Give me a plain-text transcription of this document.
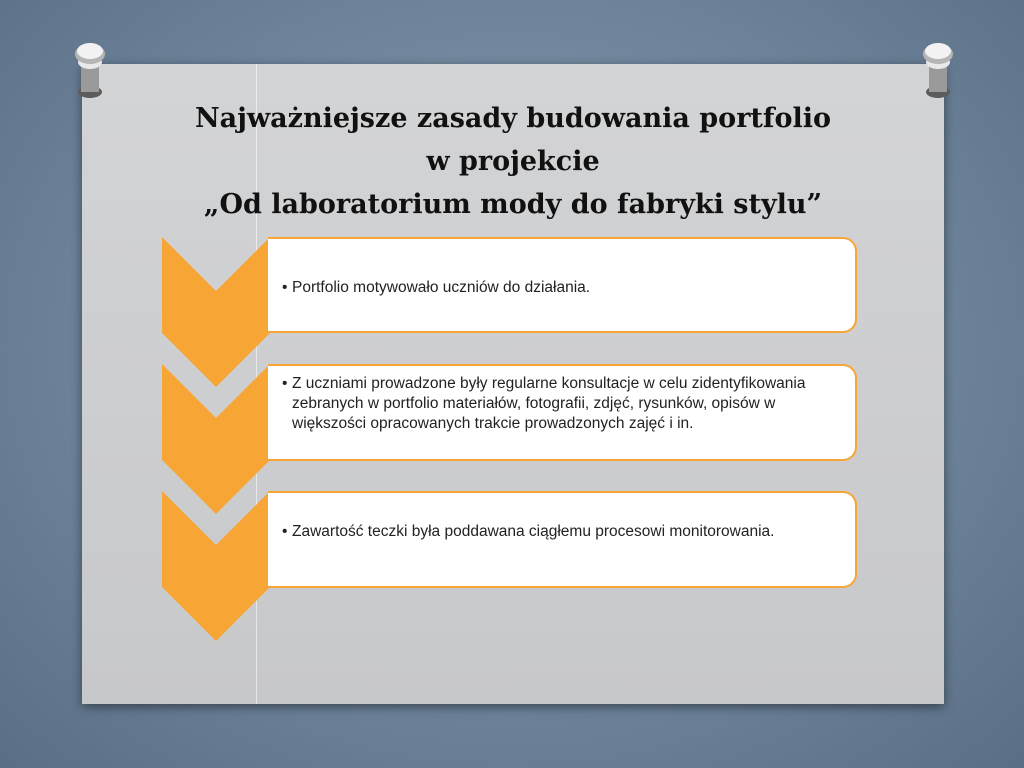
Najważniejsze zasady budowania portfolio
w projekcie
„Od laboratorium mody do fabryki stylu”
• Portfolio motywowało uczniów do działania.
• Z uczniami prowadzone były regularne konsultacje w celu zidentyfikowania zebranych w portfolio materiałów, fotografii, zdjęć, rysunków, opisów w większości opracowanych trakcie prowadzonych zajęć i in.
• Zawartość teczki była poddawana ciągłemu procesowi monitorowania.
